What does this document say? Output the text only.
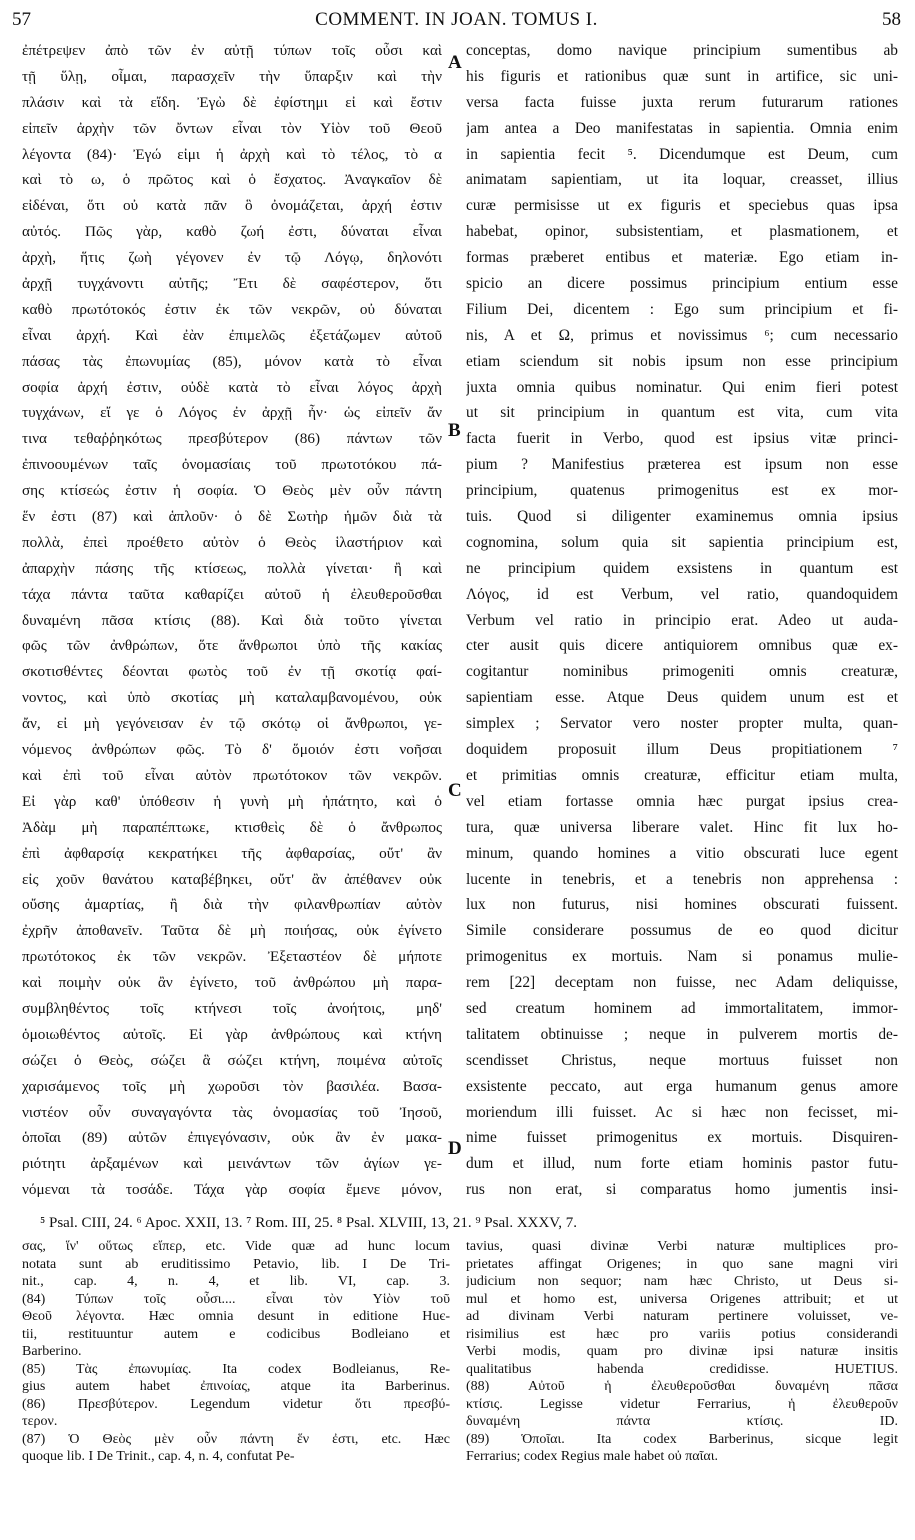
57	COMMENT. IN JOAN. TOMUS I.	58
ἐπέτρεψεν ἀπὸ τῶν ἐν αὐτῇ τύπων τοῖς οὖσι καὶ
τῇ ὕλῃ, οἶμαι, παρασχεῖν τὴν ὕπαρξιν καὶ τὴν
πλάσιν καὶ τὰ εἴδη. Ἐγὼ δὲ ἐφίστημι εἰ καὶ ἔστιν
εἰπεῖν ἀρχὴν τῶν ὄντων εἶναι τὸν Υἱὸν τοῦ Θεοῦ
λέγοντα (84)· Ἐγώ εἰμι ἡ ἀρχὴ καὶ τὸ τέλος, τὸ α
καὶ τὸ ω, ὁ πρῶτος καὶ ὁ ἔσχατος. Ἀναγκαῖον δὲ
εἰδέναι, ὅτι οὐ κατὰ πᾶν ὃ ὀνομάζεται, ἀρχή ἐστιν
αὐτός. Πῶς γὰρ, καθὸ ζωή ἐστι, δύναται εἶναι
ἀρχὴ, ἥτις ζωὴ γέγονεν ἐν τῷ Λόγῳ, δηλονότι
ἀρχῇ τυγχάνοντι αὐτῆς; Ἔτι δὲ σαφέστερον, ὅτι
καθὸ πρωτότοκός ἐστιν ἐκ τῶν νεκρῶν, οὐ δύναται
εἶναι ἀρχή. Καὶ ἐὰν ἐπιμελῶς ἐξετάζωμεν αὐτοῦ
πάσας τὰς ἐπωνυμίας (85), μόνον κατὰ τὸ εἶναι
σοφία ἀρχή ἐστιν, οὐδὲ κατὰ τὸ εἶναι λόγος ἀρχὴ
τυγχάνων, εἴ γε ὁ Λόγος ἐν ἀρχῇ ἦν· ὡς εἰπεῖν ἄν
τινα τεθαῤῥηκότως πρεσβύτερον (86) πάντων τῶν
ἐπινοουμένων ταῖς ὀνομασίαις τοῦ πρωτοτόκου πά-
σης κτίσεώς ἐστιν ἡ σοφία. Ὁ Θεὸς μὲν οὖν πάντη
ἕν ἐστι (87) καὶ ἁπλοῦν· ὁ δὲ Σωτὴρ ἡμῶν διὰ τὰ
πολλὰ, ἐπεὶ προέθετο αὐτὸν ὁ Θεὸς ἱλαστήριον καὶ
ἀπαρχὴν πάσης τῆς κτίσεως, πολλὰ γίνεται· ἢ καὶ
τάχα πάντα ταῦτα καθαρίζει αὐτοῦ ἡ ἐλευθεροῦσθαι
δυναμένη πᾶσα κτίσις (88). Καὶ διὰ τοῦτο γίνεται
φῶς τῶν ἀνθρώπων, ὅτε ἄνθρωποι ὑπὸ τῆς κακίας
σκοτισθέντες δέονται φωτὸς τοῦ ἐν τῇ σκοτίᾳ φαί-
νοντος, καὶ ὑπὸ σκοτίας μὴ καταλαμβανομένου, οὐκ
ἄν, εἰ μὴ γεγόνεισαν ἐν τῷ σκότῳ οἱ ἄνθρωποι, γε-
νόμενος ἀνθρώπων φῶς. Τὸ δ' ὅμοιόν ἐστι νοῆσαι
καὶ ἐπὶ τοῦ εἶναι αὐτὸν πρωτότοκον τῶν νεκρῶν.
Εἰ γὰρ καθ' ὑπόθεσιν ἡ γυνὴ μὴ ἠπάτητο, καὶ ὁ
Ἀδὰμ μὴ παραπέπτωκε, κτισθεὶς δὲ ὁ ἄνθρωπος
ἐπὶ ἀφθαρσίᾳ κεκρατήκει τῆς ἀφθαρσίας, οὔτ' ἂν
εἰς χοῦν θανάτου καταβέβηκει, οὔτ' ἂν ἀπέθανεν οὐκ
οὔσης ἁμαρτίας, ἢ διὰ τὴν φιλανθρωπίαν αὐτὸν
ἐχρῆν ἀποθανεῖν. Ταῦτα δὲ μὴ ποιήσας, οὐκ ἐγίνετο
πρωτότοκος ἐκ τῶν νεκρῶν. Ἐξεταστέον δὲ μήποτε
καὶ ποιμὴν οὐκ ἂν ἐγίνετο, τοῦ ἀνθρώπου μὴ παρα-
συμβληθέντος τοῖς κτήνεσι τοῖς ἀνοήτοις, μηδ'
ὁμοιωθέντος αὐτοῖς. Εἰ γὰρ ἀνθρώπους καὶ κτήνη
σώζει ὁ Θεὸς, σώζει ἃ σώζει κτήνη, ποιμένα αὐτοῖς
χαρισάμενος τοῖς μὴ χωροῦσι τὸν βασιλέα. Βασα-
νιστέον οὖν συναγαγόντα τὰς ὀνομασίας τοῦ Ἰησοῦ,
ὁποῖαι (89) αὐτῶν ἐπιγεγόνασιν, οὐκ ἂν ἐν μακα-
ριότητι ἀρξαμένων καὶ μεινάντων τῶν ἁγίων γε-
νόμεναι τὰ τοσάδε. Τάχα γὰρ σοφία ἔμενε μόνον,
conceptas, domo navique principium sumentibus ab
his figuris et rationibus quæ sunt in artifice, sic uni-
versa facta fuisse juxta rerum futurarum rationes
jam antea a Deo manifestatas in sapientia. Omnia enim
in sapientia fecit ⁵. Dicendumque est Deum, cum
animatam sapientiam, ut ita loquar, creasset, illius
curæ permisisse ut ex figuris et speciebus quas ipsa
habebat, opinor, subsistentiam, et plasmationem, et
formas præberet entibus et materiæ. Ego etiam in-
spicio an dicere possimus principium entium esse
Filium Dei, dicentem : Ego sum principium et fi-
nis, A et Ω, primus et novissimus ⁶; cum necessario
etiam sciendum sit nobis ipsum non esse principium
juxta omnia quibus nominatur. Qui enim fieri potest
ut sit principium in quantum est vita, cum vita
facta fuerit in Verbo, quod est ipsius vitæ princi-
pium ? Manifestius præterea est ipsum non esse
principium, quatenus primogenitus est ex mor-
tuis. Quod si diligenter examinemus omnia ipsius
cognomina, solum quia sit sapientia principium est,
ne principium quidem exsistens in quantum est
Λόγος, id est Verbum, vel ratio, quandoquidem
Verbum vel ratio in principio erat. Adeo ut auda-
cter ausit quis dicere antiquiorem omnibus quæ ex-
cogitantur nominibus primogeniti omnis creaturæ,
sapientiam esse. Atque Deus quidem unum est et
simplex ; Servator vero noster propter multa, quan-
doquidem proposuit illum Deus propitiationem ⁷
et primitias omnis creaturæ, efficitur etiam multa,
vel etiam fortasse omnia hæc purgat ipsius crea-
tura, quæ universa liberare valet. Hinc fit lux ho-
minum, quando homines a vitio obscurati luce egent
lucente in tenebris, et a tenebris non apprehensa :
lux non futurus, nisi homines obscurati fuissent.
Simile considerare possumus de eo quod dicitur
primogenitus ex mortuis. Nam si ponamus mulie-
rem [22] deceptam non fuisse, nec Adam deliquisse,
sed creatum hominem ad immortalitatem, immor-
talitatem obtinuisse ; neque in pulverem mortis de-
scendisset Christus, neque mortuus fuisset non
exsistente peccato, aut erga humanum genus amore
moriendum illi fuisset. Ac si hæc non fecisset, mi-
nime fuisset primogenitus ex mortuis. Disquiren-
dum et illud, num forte etiam hominis pastor futu-
rus non erat, si comparatus homo jumentis insi-
A
B
C
D
⁵ Psal. CIII, 24. ⁶ Apoc. XXII, 13. ⁷ Rom. III, 25. ⁸ Psal. XLVIII, 13, 21. ⁹ Psal. XXXV, 7.
σας, ἵν' οὕτως εἴπερ, etc. Vide quæ ad hunc locum
notata sunt ab eruditissimo Petavio, lib. I De Tri-
nit., cap. 4, n. 4, et lib. VI, cap. 3.
(84) Τύπων τοῖς οὖσι.... εἶναι τὸν Υἱὸν τοῦ
Θεοῦ λέγοντα. Hæc omnia desunt in editione Huє-
tii, restituuntur autem e codicibus Bodleiano et
Barberino.
(85) Τὰς ἐπωνυμίας. Ita codex Bodleianus, Re-
gius autem habet ἐπινοίας, atque ita Barberinus.
(86) Πρεσβύτερον. Legendum videtur ὅτι πρεσβύ-
τερον.
(87) Ὁ Θεὸς μὲν οὖν πάντη ἕν ἐστι, etc. Hæc
quoque lib. I De Trinit., cap. 4, n. 4, confutat Pe-
tavius, quasi divinæ Verbi naturæ multiplices pro-
prietates affingat Origenes; in quo sane magni viri
judicium non sequor; nam hæc Christo, ut Deus si-
mul et homo est, universa Origenes attribuit; et ut
ad divinam Verbi naturam pertinere voluisset, ve-
risimilius est hæc pro variis potius considerandi
Verbi modis, quam pro divinæ ipsi naturæ insitis
qualitatibus habenda credidisse. HUETIUS.
(88) Αὐτοῦ ἡ ἐλευθεροῦσθαι δυναμένη πᾶσα
κτίσις. Legisse videtur Ferrarius, ἡ ἐλευθεροῦν
δυναμένη πάντα κτίσις. ID.
(89) Ὁποῖαι. Ita codex Barberinus, sicque legit
Ferrarius; codex Regius male habet οὐ παῖαι.
